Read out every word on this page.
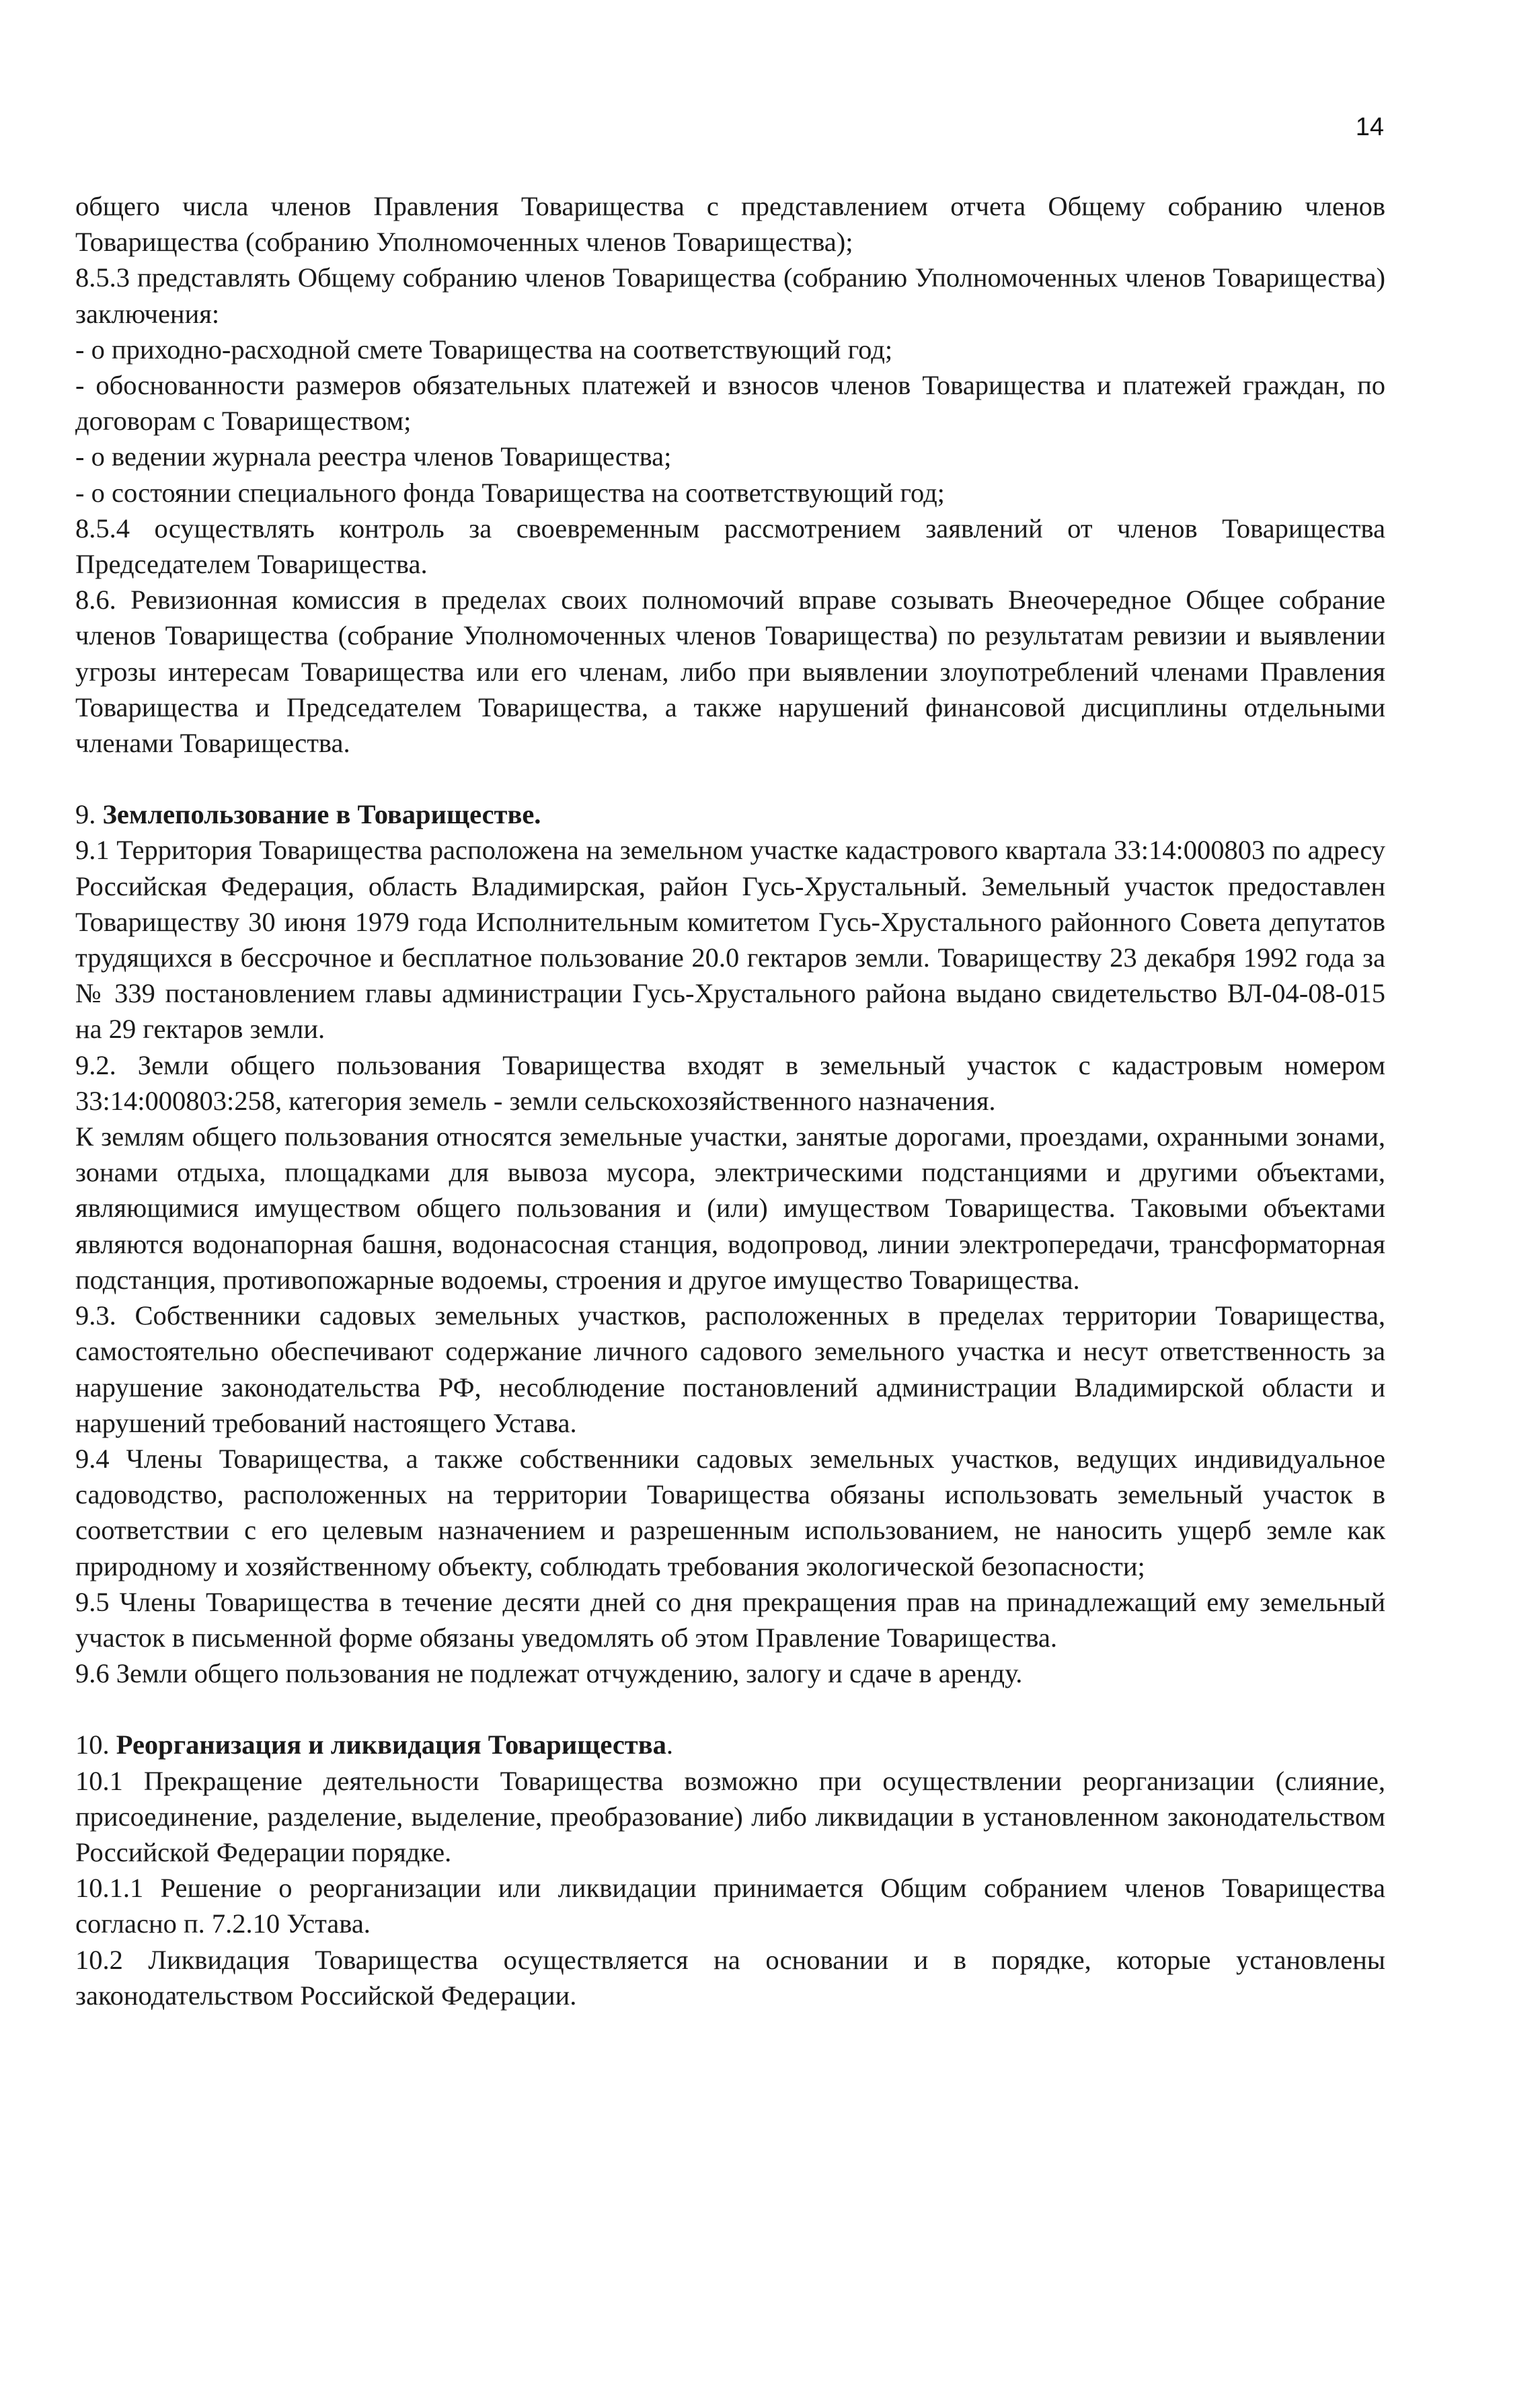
14

общего числа членов Правления Товарищества с представлением отчета Общему собранию членов Товарищества (собранию Уполномоченных членов Товарищества);

8.5.3 представлять Общему собранию членов Товарищества (собранию Уполномоченных членов Товарищества) заключения:

- о приходно-расходной смете Товарищества на соответствующий год;

- обоснованности размеров обязательных платежей и взносов членов Товарищества и платежей граждан, по договорам с Товариществом;

- о ведении журнала реестра членов Товарищества;

- о состоянии специального фонда Товарищества на соответствующий год;

8.5.4 осуществлять контроль за своевременным рассмотрением заявлений от членов Товарищества Председателем Товарищества.

8.6. Ревизионная комиссия в пределах своих полномочий вправе созывать Внеочередное Общее собрание членов Товарищества (собрание Уполномоченных членов Товарищества) по результатам ревизии и выявлении угрозы интересам Товарищества или его членам, либо при выявлении злоупотреблений членами Правления Товарищества и Председателем Товарищества, а также нарушений финансовой дисциплины отдельными членами Товарищества.

9. Землепользование в Товариществе.

9.1 Территория Товарищества расположена на земельном участке кадастрового квартала 33:14:000803 по адресу Российская Федерация, область Владимирская, район Гусь-Хрустальный. Земельный участок предоставлен Товариществу 30 июня 1979 года Исполнительным комитетом Гусь-Хрустального районного Совета депутатов трудящихся в бессрочное и бесплатное пользование 20.0 гектаров земли. Товариществу 23 декабря 1992 года за № 339 постановлением главы администрации Гусь-Хрустального района выдано свидетельство ВЛ-04-08-015 на 29 гектаров земли.

9.2. Земли общего пользования Товарищества входят в земельный участок с кадастровым номером 33:14:000803:258, категория земель - земли сельскохозяйственного назначения.

К землям общего пользования относятся земельные участки, занятые дорогами, проездами, охранными зонами, зонами отдыха, площадками для вывоза мусора, электрическими подстанциями и другими объектами, являющимися имуществом общего пользования и (или) имуществом Товарищества. Таковыми объектами являются водонапорная башня, водонасосная станция, водопровод, линии электропередачи, трансформаторная подстанция, противопожарные водоемы, строения и другое имущество Товарищества.

9.3. Собственники садовых земельных участков, расположенных в пределах территории Товарищества, самостоятельно обеспечивают содержание личного садового земельного участка и несут ответственность за нарушение законодательства РФ, несоблюдение постановлений администрации Владимирской области и нарушений требований настоящего Устава.

9.4 Члены Товарищества, а также собственники садовых земельных участков, ведущих индивидуальное садоводство, расположенных на территории Товарищества обязаны использовать земельный участок в соответствии с его целевым назначением и разрешенным использованием, не наносить ущерб земле как природному и хозяйственному объекту, соблюдать требования экологической безопасности;

9.5 Члены Товарищества в течение десяти дней со дня прекращения прав на принадлежащий ему земельный участок в письменной форме обязаны уведомлять об этом Правление Товарищества.

9.6 Земли общего пользования не подлежат отчуждению, залогу и сдаче в аренду.

10. Реорганизация и ликвидация Товарищества.

10.1 Прекращение деятельности Товарищества возможно при осуществлении реорганизации (слияние, присоединение, разделение, выделение, преобразование) либо ликвидации в установленном законодательством Российской Федерации порядке.

10.1.1 Решение о реорганизации или ликвидации принимается Общим собранием членов Товарищества согласно п. 7.2.10 Устава.

10.2 Ликвидация Товарищества осуществляется на основании и в порядке, которые установлены законодательством Российской Федерации.
